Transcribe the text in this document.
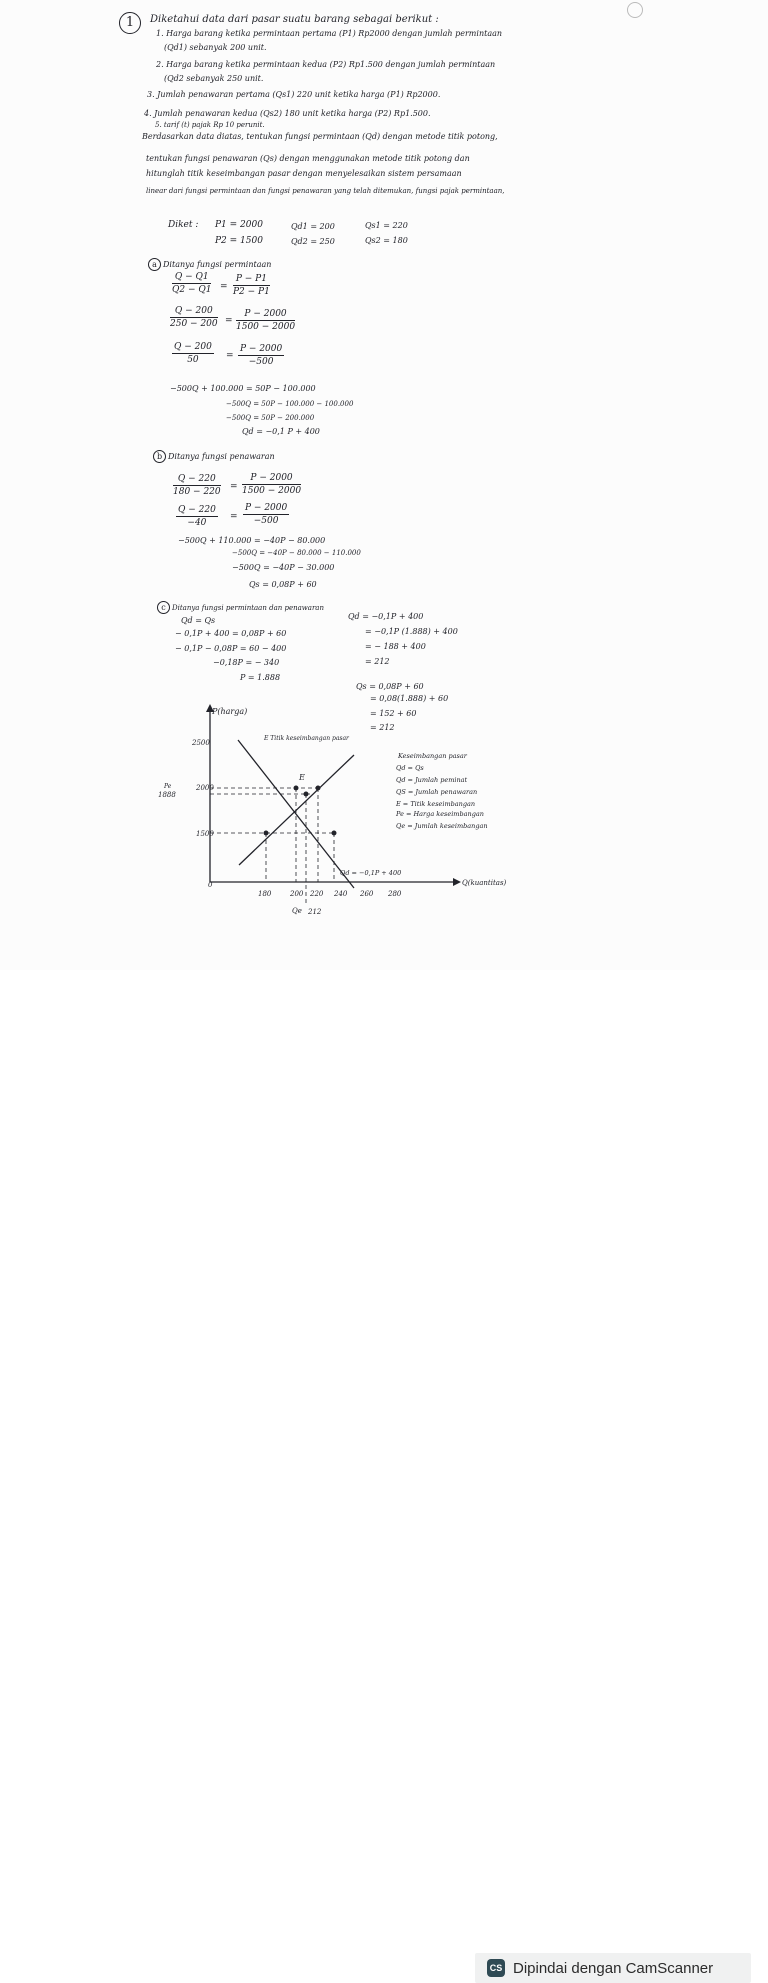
1	Diketahui data dari pasar suatu barang sebagai berikut :
1. Harga barang ketika permintaan pertama (P1) Rp2000 dengan jumlah permintaan
(Qd1) sebanyak 200 unit.
2. Harga barang ketika permintaan kedua (P2) Rp1.500 dengan jumlah permintaan
(Qd2 sebanyak 250 unit.
3. Jumlah penawaran pertama (Qs1) 220 unit ketika harga (P1) Rp2000.
4. Jumlah penawaran kedua (Qs2) 180 unit ketika harga (P2) Rp1.500.
5. tarif (t) pajak Rp 10 perunit.
Berdasarkan data diatas, tentukan fungsi permintaan (Qd) dengan metode titik potong,
tentukan fungsi penawaran (Qs) dengan menggunakan metode titik potong dan
hitunglah titik keseimbangan pasar dengan menyelesaikan sistem persamaan
linear dari fungsi permintaan dan fungsi penawaran yang telah ditemukan, fungsi pajak permintaan,
Diket : P1 = 2000
P2 = 1500
Qd1 = 200
Qd2 = 250
Qs1 = 220
Qs2 = 180
a Ditanya fungsi permintaan
$\frac{Q - Q1}{Q2 - Q1} = \frac{P - P1}{P2 - P1}$
$\frac{Q - 200}{250 - 200} = \frac{P - 2000}{1500 - 2000}$
$\frac{Q - 200}{50} = \frac{P - 2000}{-500}$
−500Q + 100.000 = 50P − 100.000
−500Q = 50P − 100.000 − 100.000
−500Q = 50P − 200.000
Qd = −0,1 P + 400
b Ditanya fungsi penawaran
$\frac{Q - 220}{180 - 220} = \frac{P - 2000}{1500 - 2000}$
$\frac{Q - 220}{-40} = \frac{P - 2000}{-500}$
−500Q + 110.000 = −40P − 80.000
−500Q = −40P − 80.000 − 110.000
−500Q = −40P − 30.000
Qs = 0,08P + 60
c Ditanya fungsi permintaan dan penawaran
Qd = Qs
− 0,1P + 400 = 0,08P + 60
− 0,1P − 0,08P = 60 − 400
−0,18P = − 340
P = 1.888
Qd = −0,1P + 400
= −0,1P (1.888) + 400
= − 188 + 400
= 212
Qs = 0,08P + 60
= 0,08(1.888) + 60
= 152 + 60
= 212
P(harga)
Q(kuantitas)
2500
2000
1500
Pe
1888
0
180	200 220 240 260 280
Qe 212
E
E Titik keseimbangan pasar
Qd = −0,1P + 400
Keseimbangan pasar
Qd = Qs
Qd = Jumlah peminat
QS = Jumlah penawaran
E = Titik keseimbangan
Pe = Harga keseimbangan
Qe = Jumlah keseimbangan
CS Dipindai dengan CamScanner
